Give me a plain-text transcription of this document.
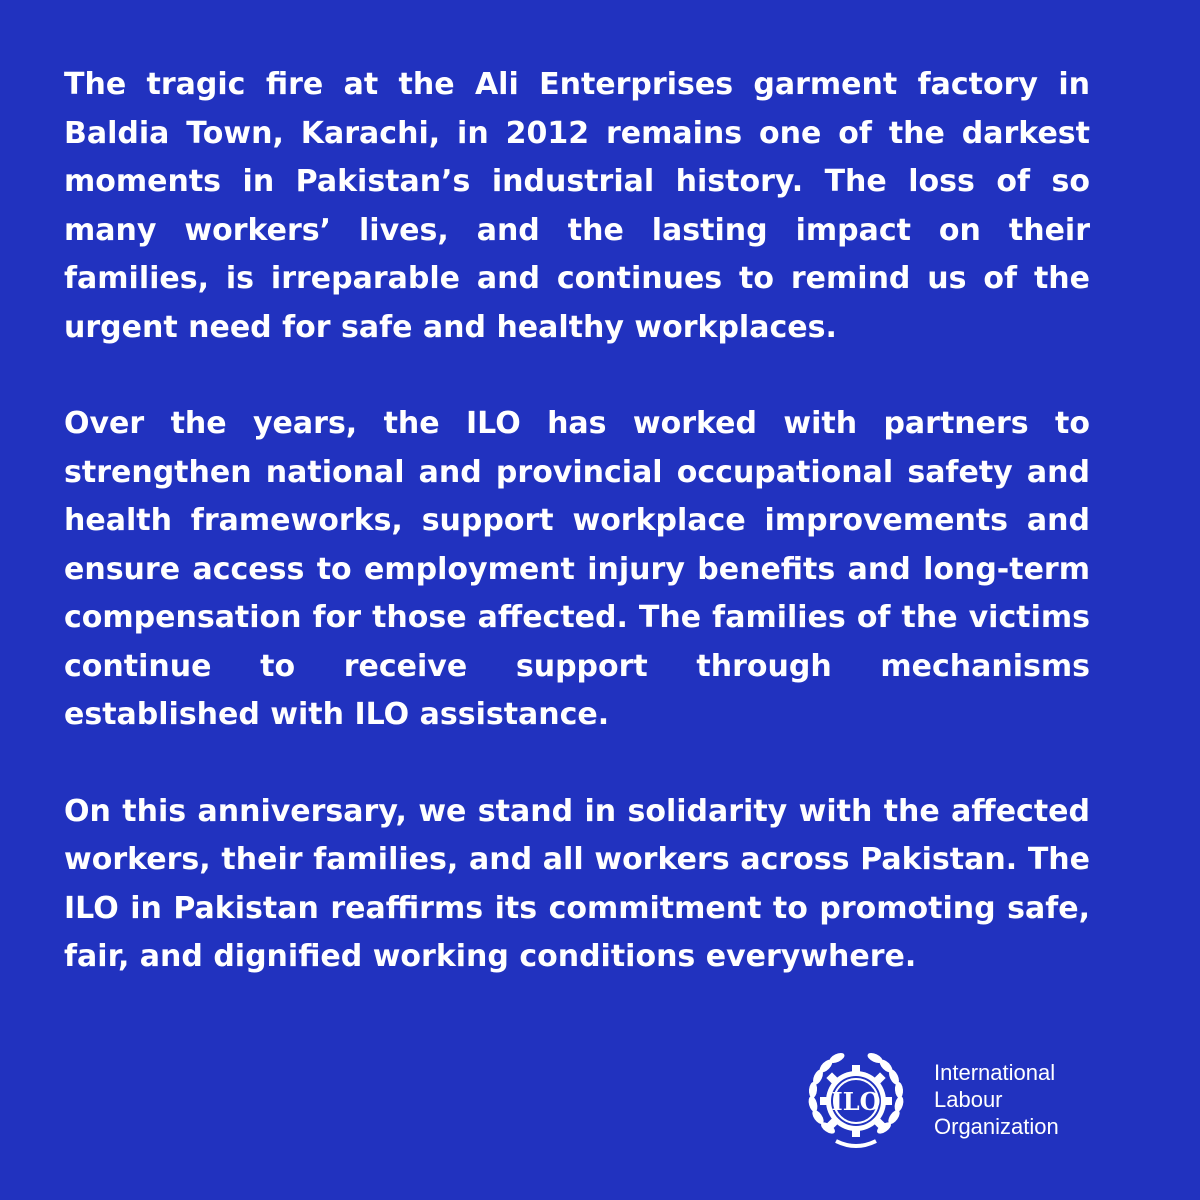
The tragic fire at the Ali Enterprises garment factory in Baldia Town, Karachi, in 2012 remains one of the darkest moments in Pakistan’s industrial history. The loss of so many workers’ lives, and the lasting impact on their families, is irreparable and continues to remind us of the urgent need for safe and healthy workplaces.

Over the years, the ILO has worked with partners to strengthen national and provincial occupational safety and health frameworks, support workplace improvements and ensure access to employment injury benefits and long-term compensation for those affected. The families of the victims continue to receive support through mechanisms established with ILO assistance.

On this anniversary, we stand in solidarity with the affected workers, their families, and all workers across Pakistan. The ILO in Pakistan reaffirms its commitment to promoting safe, fair, and dignified working conditions everywhere.

ILO
International
Labour
Organization
